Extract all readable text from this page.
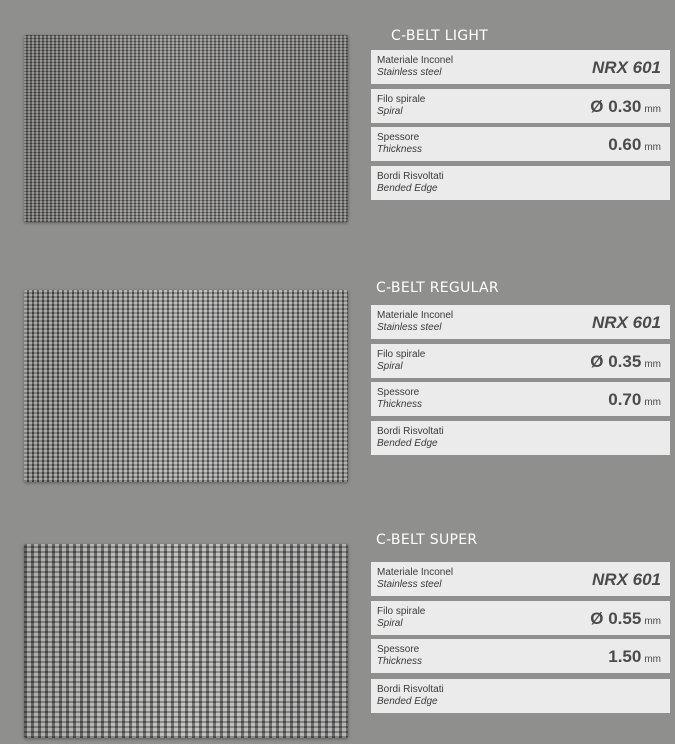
C-BELT LIGHT
Materiale Inconel
Stainless steel	NRX 601
Filo spirale
Spiral	Ø 0.30 mm
Spessore
Thickness	0.60 mm
Bordi Risvoltati
Bended Edge
C-BELT REGULAR
Materiale Inconel
Stainless steel	NRX 601
Filo spirale
Spiral	Ø 0.35 mm
Spessore
Thickness	0.70 mm
Bordi Risvoltati
Bended Edge
C-BELT SUPER
Materiale Inconel
Stainless steel	NRX 601
Filo spirale
Spiral	Ø 0.55 mm
Spessore
Thickness	1.50 mm
Bordi Risvoltati
Bended Edge
